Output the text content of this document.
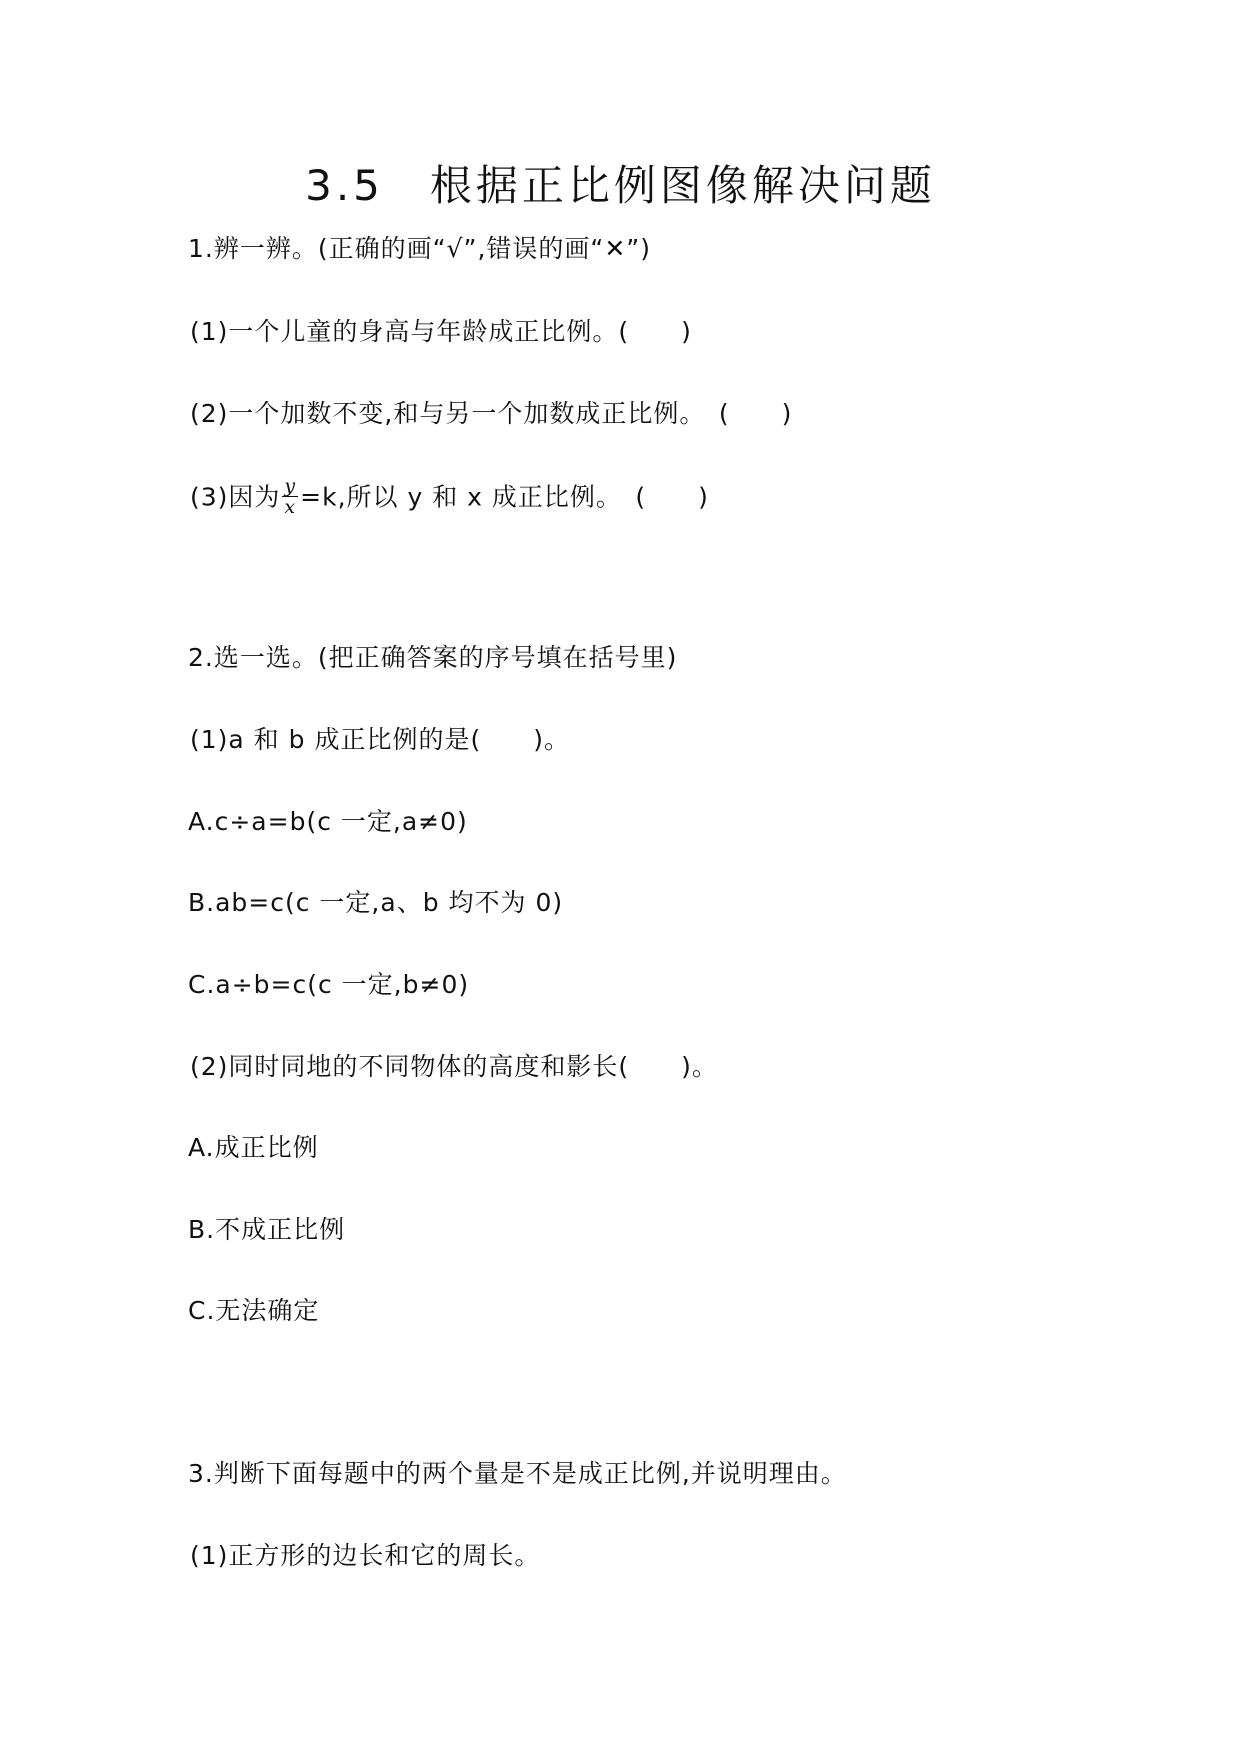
3.5　根据正比例图像解决问题
1.辨一辨。(正确的画“√”,错误的画“✕”)
(1)一个儿童的身高与年龄成正比例。(　　)
(2)一个加数不变,和与另一个加数成正比例。　(　　)
(3)因为 $\frac{y}{x} =k$,所以 y 和 x 成正比例。　(　　)
2.选一选。(把正确答案的序号填在括号里)
(1)a 和 b 成正比例的是(　　)。
A.c÷a=b(c 一定,a≠0)
B.ab=c(c 一定,a、b 均不为 0)
C.a÷b=c(c 一定,b≠0)
(2)同时同地的不同物体的高度和影长(　　)。
A.成正比例
B.不成正比例
C.无法确定
3.判断下面每题中的两个量是不是成正比例,并说明理由。
(1)正方形的边长和它的周长。
